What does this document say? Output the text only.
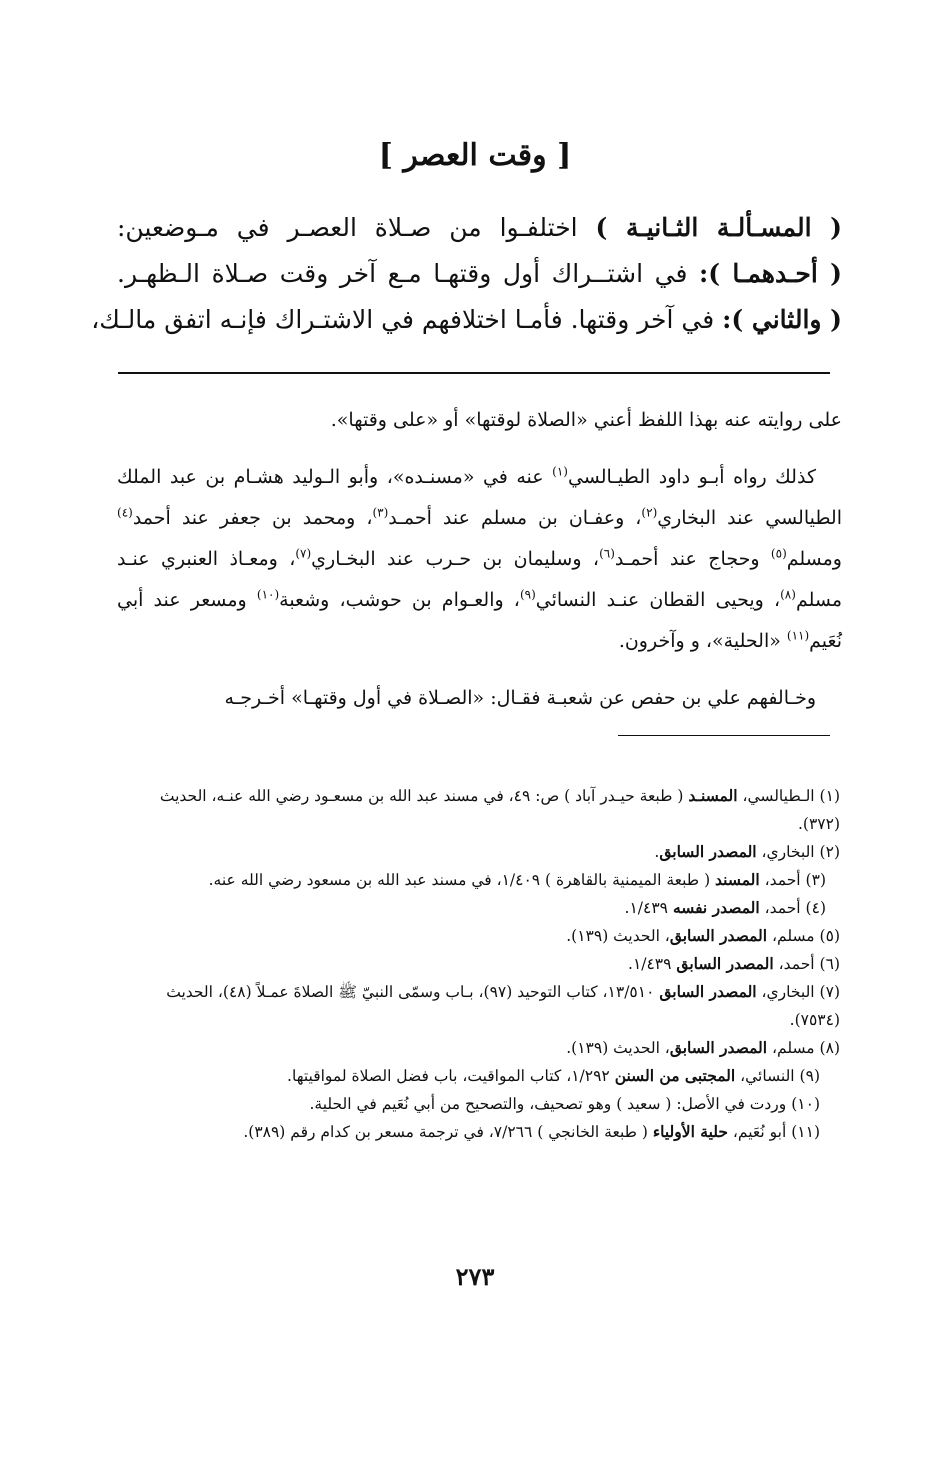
[ وقت العصر ]
( المسـألـة الثـانيـة ) اختلفـوا من صـلاة العصـر في مـوضعين:
( أحـدهمـا ): في اشتــراك أول وقتهـا مـع آخر وقت صـلاة الـظهـر.
( والثاني ): في آخر وقتها. فأمـا اختلافهم في الاشتـراك فإنـه اتفق مالـك،

على روايته عنه بهذا اللفظ أعني «الصلاة لوقتها» أو «على وقتها».

كذلك رواه أبـو داود الطيـالسي$^{(١)}$ عنه في «مسنـده»، وأبو الـوليد هشـام بن عبد الملك الطيالسي عند البخاري$^{(٢)}$، وعفـان بن مسلم عند أحمـد$^{(٣)}$، ومحمد بن جعفر عند أحمد$^{(٤)}$ ومسلم$^{(٥)}$ وحجاج عند أحمـد$^{(٦)}$، وسليمان بن حـرب عند البخـاري$^{(٧)}$، ومعـاذ العنبري عنـد مسلم$^{(٨)}$، ويحيى القطان عنـد النسائي$^{(٩)}$، والعـوام بن حوشب، وشعبة$^{(١٠)}$ ومسعر عند أبي نُعَيم$^{(١١)}$ «الحلية»، و وآخرون.

وخـالفهم علي بن حفص عن شعبـة فقـال: «الصـلاة في أول وقتهـا» أخـرجـه

(١) الـطيالسي، المسنـد ( طبعة حيـدر آباد ) ص: ٤٩، في مسند عبد الله بن مسعـود رضي الله عنـه، الحديث (٣٧٢).
(٢) البخاري، المصدر السابق.
(٣) أحمد، المسند ( طبعة الميمنية بالقاهرة ) ١/٤٠٩، في مسند عبد الله بن مسعود رضي الله عنه.
(٤) أحمد، المصدر نفسه ١/٤٣٩.
(٥) مسلم، المصدر السابق، الحديث (١٣٩).
(٦) أحمد، المصدر السابق ١/٤٣٩.
(٧) البخاري، المصدر السابق ١٣/٥١٠، كتاب التوحيد (٩٧)، بـاب وسمّى النبيّ ﷺ الصلاةَ عمـلاً (٤٨)، الحديث (٧٥٣٤).
(٨) مسلم، المصدر السابق، الحديث (١٣٩).
(٩) النسائي، المجتبى من السنن ١/٢٩٢، كتاب المواقيت، باب فضل الصلاة لمواقيتها.
(١٠) وردت في الأصل: ( سعيد ) وهو تصحيف، والتصحيح من أبي نُعَيم في الحلية.
(١١) أبو نُعَيم، حلية الأولياء ( طبعة الخانجي ) ٧/٢٦٦، في ترجمة مسعر بن كدام رقم (٣٨٩).
٢٧٣
